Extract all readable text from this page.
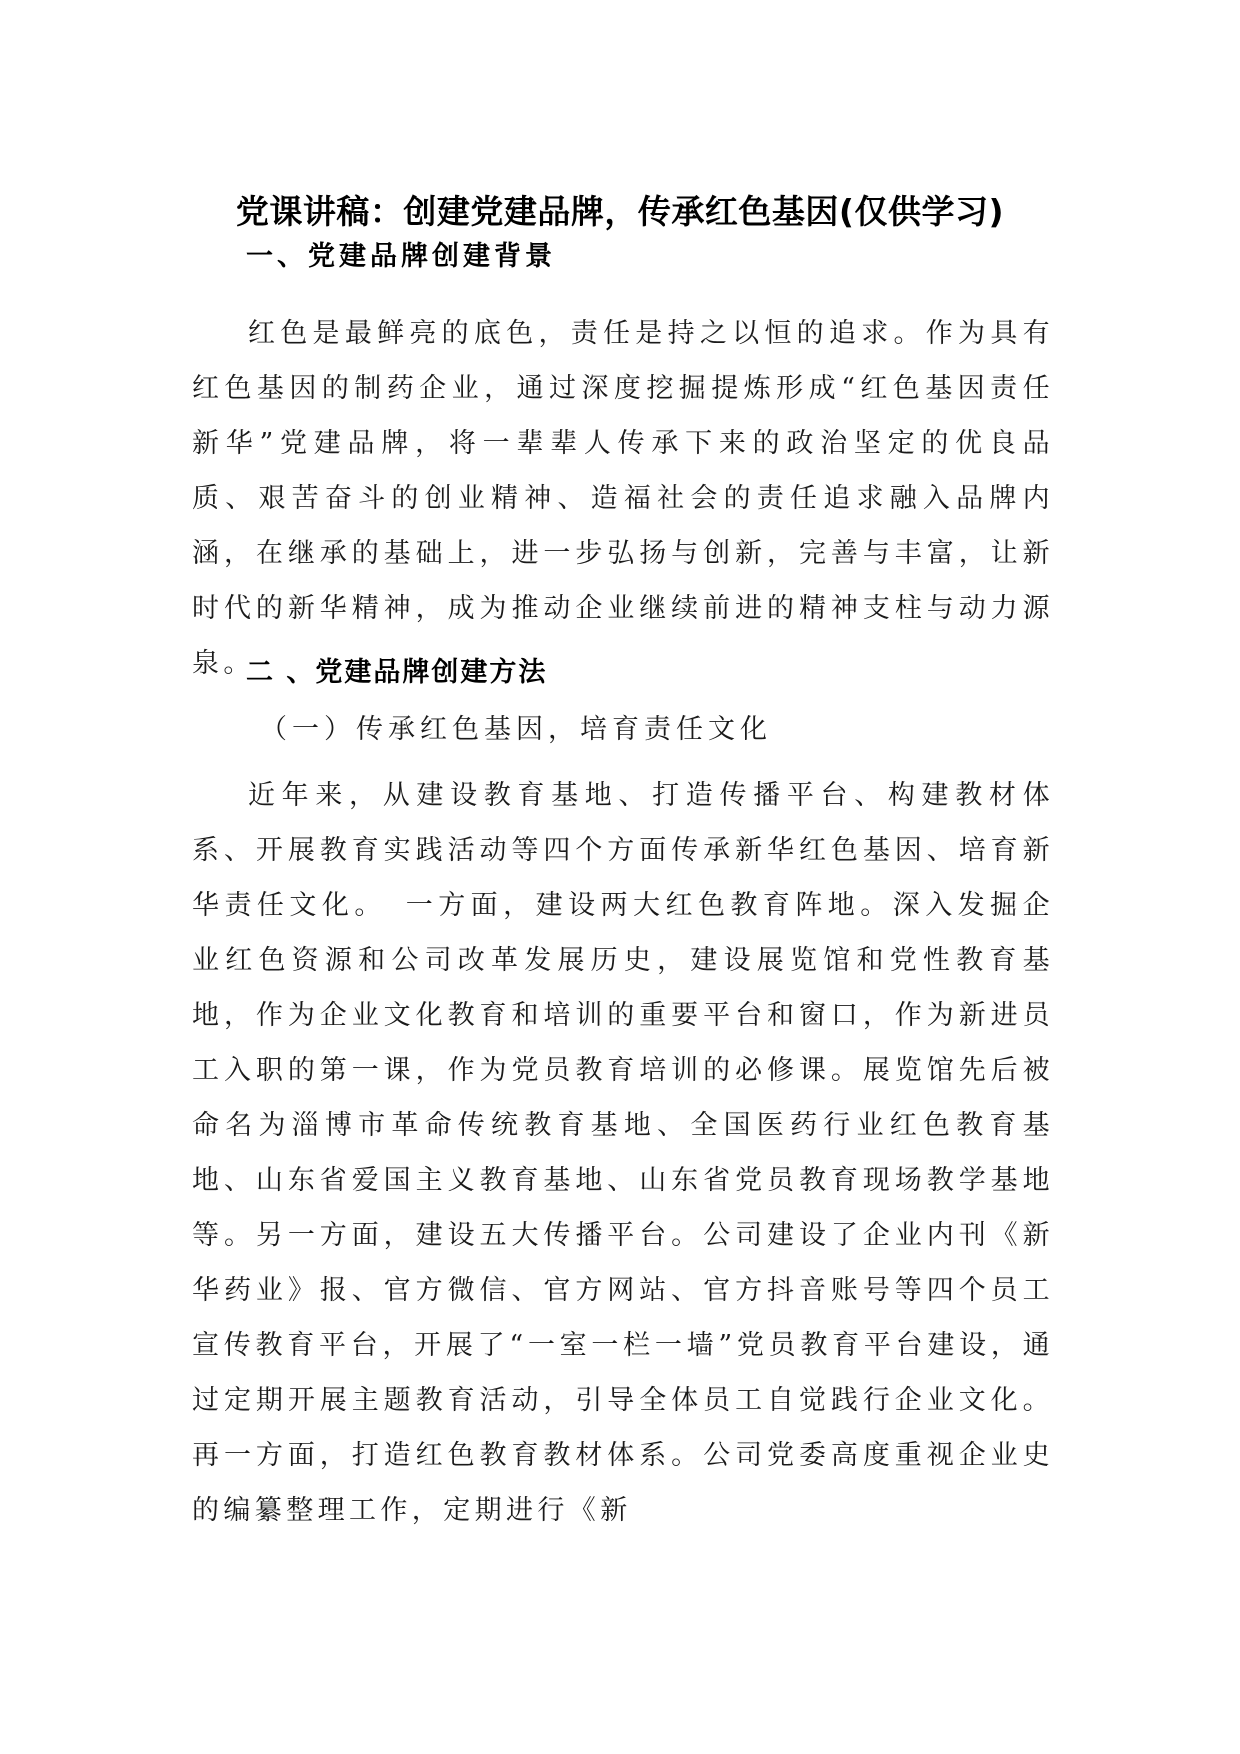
党课讲稿：创建党建品牌，传承红色基因(仅供学习)
一、党建品牌创建背景

红色是最鲜亮的底色，责任是持之以恒的追求。作为具有红色基因的制药企业，通过深度挖掘提炼形成“红色基因责任新华”党建品牌，将一辈辈人传承下来的政治坚定的优良品质、艰苦奋斗的创业精神、造福社会的责任追求融入品牌内涵，在继承的基础上，进一步弘扬与创新，完善与丰富，让新时代的新华精神，成为推动企业继续前进的精神支柱与动力源泉。

二 、党建品牌创建方法
（一）传承红色基因，培育责任文化

近年来，从建设教育基地、打造传播平台、构建教材体系、开展教育实践活动等四个方面传承新华红色基因、培育新华责任文化。　一方面，建设两大红色教育阵地。深入发掘企业红色资源和公司改革发展历史，建设展览馆和党性教育基地，作为企业文化教育和培训的重要平台和窗口，作为新进员工入职的第一课，作为党员教育培训的必修课。展览馆先后被命名为淄博市革命传统教育基地、全国医药行业红色教育基地、山东省爱国主义教育基地、山东省党员教育现场教学基地等。另一方面，建设五大传播平台。公司建设了企业内刊《新华药业》报、官方微信、官方网站、官方抖音账号等四个员工宣传教育平台，开展了“一室一栏一墙”党员教育平台建设，通过定期开展主题教育活动，引导全体员工自觉践行企业文化。再一方面，打造红色教育教材体系。公司党委高度重视企业史的编纂整理工作，定期进行《新
